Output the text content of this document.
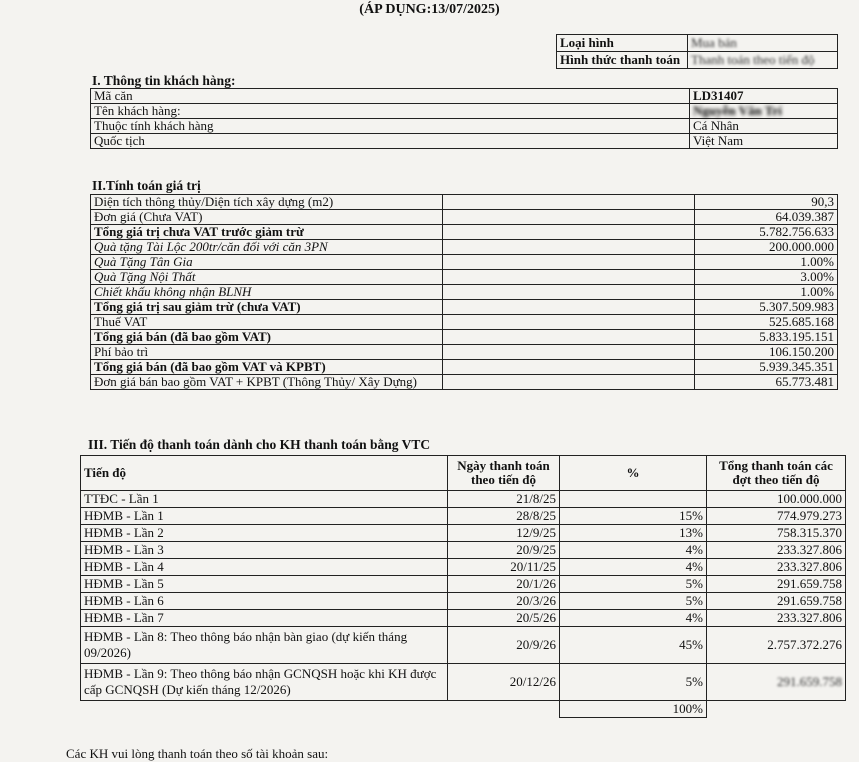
(ÁP DỤNG:13/07/2025)
Loại hình	Mua bán
Hình thức thanh toán	Thanh toán theo tiến độ
I. Thông tin khách hàng:
Mã căn	LD31407
Tên khách hàng:	Nguyễn Văn Trí
Thuộc tính khách hàng	Cá Nhân
Quốc tịch	Việt Nam
II.Tính toán giá trị
Diện tích thông thủy/Diện tích xây dựng (m2)		90,3
Đơn giá (Chưa VAT)		64.039.387
Tổng giá trị chưa VAT trước giảm trừ		5.782.756.633
Quà tặng Tài Lộc 200tr/căn đối với căn 3PN		200.000.000
Quà Tặng Tân Gia		1.00%
Quà Tặng Nội Thất		3.00%
Chiết khấu không nhận BLNH		1.00%
Tổng giá trị sau giảm trừ (chưa VAT)		5.307.509.983
Thuế VAT		525.685.168
Tổng giá bán (đã bao gồm VAT)		5.833.195.151
Phí bảo trì		106.150.200
Tổng giá bán (đã bao gồm VAT và KPBT)		5.939.345.351
Đơn giá bán bao gồm VAT + KPBT (Thông Thủy/ Xây Dựng)		65.773.481
III. Tiến độ thanh toán dành cho KH thanh toán bằng VTC
Tiến độ	Ngày thanh toán theo tiến độ	%	Tổng thanh toán các đợt theo tiến độ
TTĐC - Lần 1	21/8/25		100.000.000
HĐMB - Lần 1	28/8/25	15%	774.979.273
HĐMB - Lần 2	12/9/25	13%	758.315.370
HĐMB - Lần 3	20/9/25	4%	233.327.806
HĐMB - Lần 4	20/11/25	4%	233.327.806
HĐMB - Lần 5	20/1/26	5%	291.659.758
HĐMB - Lần 6	20/3/26	5%	291.659.758
HĐMB - Lần 7	20/5/26	4%	233.327.806
HĐMB - Lần 8: Theo thông báo nhận bàn giao (dự kiến tháng 09/2026)	20/9/26	45%	2.757.372.276
HĐMB - Lần 9: Theo thông báo nhận GCNQSH hoặc khi KH được cấp GCNQSH (Dự kiến tháng 12/2026)	20/12/26	5%	291.659.758
		100%	
Các KH vui lòng thanh toán theo số tài khoản sau:
